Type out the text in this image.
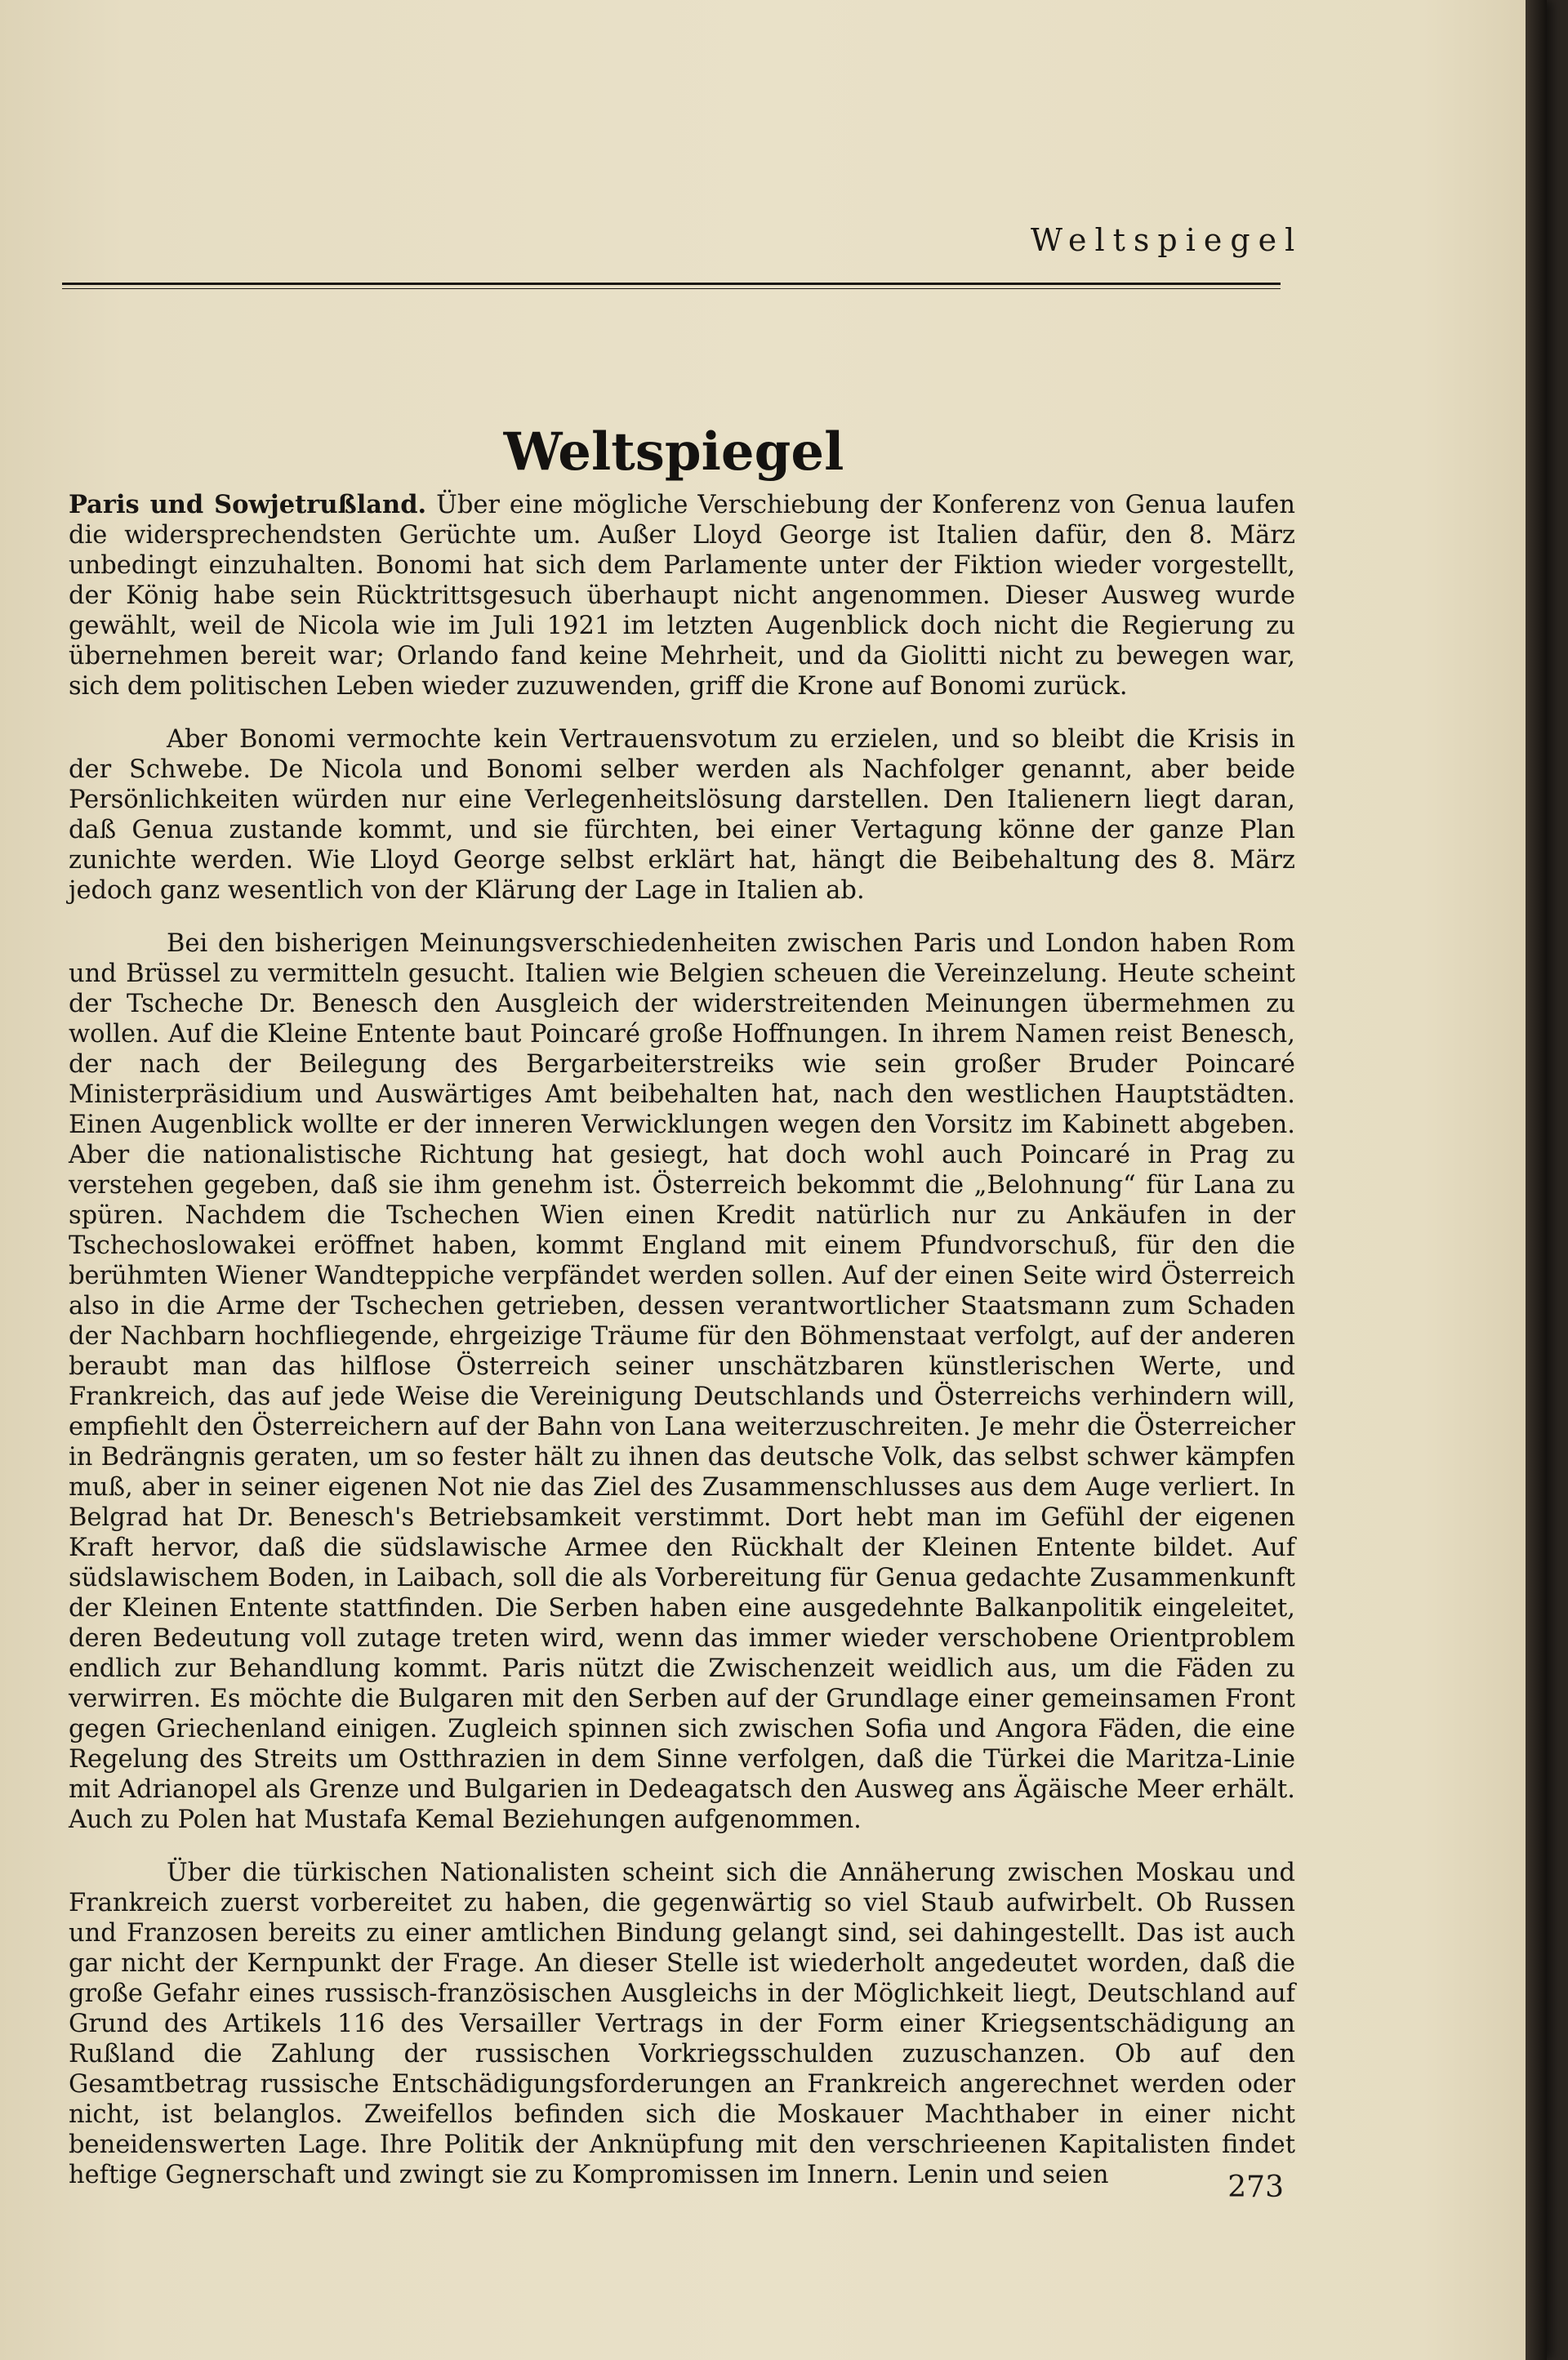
Weltspiegel
Weltspiegel

Paris und Sowjetrußland. Über eine mögliche Verschiebung der Konferenz von Genua laufen die widersprechendsten Gerüchte um. Außer Lloyd George ist Italien dafür, den 8. März unbedingt einzuhalten. Bonomi hat sich dem Parlamente unter der Fiktion wieder vorgestellt, der König habe sein Rücktrittsgesuch überhaupt nicht angenommen. Dieser Ausweg wurde gewählt, weil de Nicola wie im Juli 1921 im letzten Augenblick doch nicht die Regierung zu übernehmen bereit war; Orlando fand keine Mehrheit, und da Giolitti nicht zu bewegen war, sich dem politischen Leben wieder zuzuwenden, griff die Krone auf Bonomi zurück.

Aber Bonomi vermochte kein Vertrauensvotum zu erzielen, und so bleibt die Krisis in der Schwebe. De Nicola und Bonomi selber werden als Nachfolger genannt, aber beide Persönlichkeiten würden nur eine Verlegenheitslösung darstellen. Den Italienern liegt daran, daß Genua zustande kommt, und sie fürchten, bei einer Vertagung könne der ganze Plan zunichte werden. Wie Lloyd George selbst erklärt hat, hängt die Beibehaltung des 8. März jedoch ganz wesentlich von der Klärung der Lage in Italien ab.

Bei den bisherigen Meinungsverschiedenheiten zwischen Paris und London haben Rom und Brüssel zu vermitteln gesucht. Italien wie Belgien scheuen die Vereinzelung. Heute scheint der Tscheche Dr. Benesch den Ausgleich der widerstreitenden Meinungen übermehmen zu wollen. Auf die Kleine Entente baut Poincaré große Hoffnungen. In ihrem Namen reist Benesch, der nach der Beilegung des Bergarbeiterstreiks wie sein großer Bruder Poincaré Ministerpräsidium und Auswärtiges Amt beibehalten hat, nach den westlichen Hauptstädten. Einen Augenblick wollte er der inneren Verwicklungen wegen den Vorsitz im Kabinett abgeben. Aber die nationalistische Richtung hat gesiegt, hat doch wohl auch Poincaré in Prag zu verstehen gegeben, daß sie ihm genehm ist. Österreich bekommt die „Belohnung“ für Lana zu spüren. Nachdem die Tschechen Wien einen Kredit natürlich nur zu Ankäufen in der Tschechoslowakei eröffnet haben, kommt England mit einem Pfundvorschuß, für den die berühmten Wiener Wandteppiche verpfändet werden sollen. Auf der einen Seite wird Österreich also in die Arme der Tschechen getrieben, dessen verantwortlicher Staatsmann zum Schaden der Nachbarn hochfliegende, ehrgeizige Träume für den Böhmenstaat verfolgt, auf der anderen beraubt man das hilflose Österreich seiner unschätzbaren künstlerischen Werte, und Frankreich, das auf jede Weise die Vereinigung Deutschlands und Österreichs verhindern will, empfiehlt den Österreichern auf der Bahn von Lana weiterzuschreiten. Je mehr die Österreicher in Bedrängnis geraten, um so fester hält zu ihnen das deutsche Volk, das selbst schwer kämpfen muß, aber in seiner eigenen Not nie das Ziel des Zusammenschlusses aus dem Auge verliert. In Belgrad hat Dr. Benesch's Betriebsamkeit verstimmt. Dort hebt man im Gefühl der eigenen Kraft hervor, daß die südslawische Armee den Rückhalt der Kleinen Entente bildet. Auf südslawischem Boden, in Laibach, soll die als Vorbereitung für Genua gedachte Zusammenkunft der Kleinen Entente stattfinden. Die Serben haben eine ausgedehnte Balkanpolitik eingeleitet, deren Bedeutung voll zutage treten wird, wenn das immer wieder verschobene Orientproblem endlich zur Behandlung kommt. Paris nützt die Zwischenzeit weidlich aus, um die Fäden zu verwirren. Es möchte die Bulgaren mit den Serben auf der Grundlage einer gemeinsamen Front gegen Griechenland einigen. Zugleich spinnen sich zwischen Sofia und Angora Fäden, die eine Regelung des Streits um Ostthrazien in dem Sinne verfolgen, daß die Türkei die Maritza-Linie mit Adrianopel als Grenze und Bulgarien in Dedeagatsch den Ausweg ans Ägäische Meer erhält. Auch zu Polen hat Mustafa Kemal Beziehungen aufgenommen.

Über die türkischen Nationalisten scheint sich die Annäherung zwischen Moskau und Frankreich zuerst vorbereitet zu haben, die gegenwärtig so viel Staub aufwirbelt. Ob Russen und Franzosen bereits zu einer amtlichen Bindung gelangt sind, sei dahingestellt. Das ist auch gar nicht der Kernpunkt der Frage. An dieser Stelle ist wiederholt angedeutet worden, daß die große Gefahr eines russisch-französischen Ausgleichs in der Möglichkeit liegt, Deutschland auf Grund des Artikels 116 des Versailler Vertrags in der Form einer Kriegsentschädigung an Rußland die Zahlung der russischen Vorkriegsschulden zuzuschanzen. Ob auf den Gesamtbetrag russische Entschädigungsforderungen an Frankreich angerechnet werden oder nicht, ist belanglos. Zweifellos befinden sich die Moskauer Machthaber in einer nicht beneidenswerten Lage. Ihre Politik der Anknüpfung mit den verschrieenen Kapitalisten findet heftige Gegnerschaft und zwingt sie zu Kompromissen im Innern. Lenin und seien	273
